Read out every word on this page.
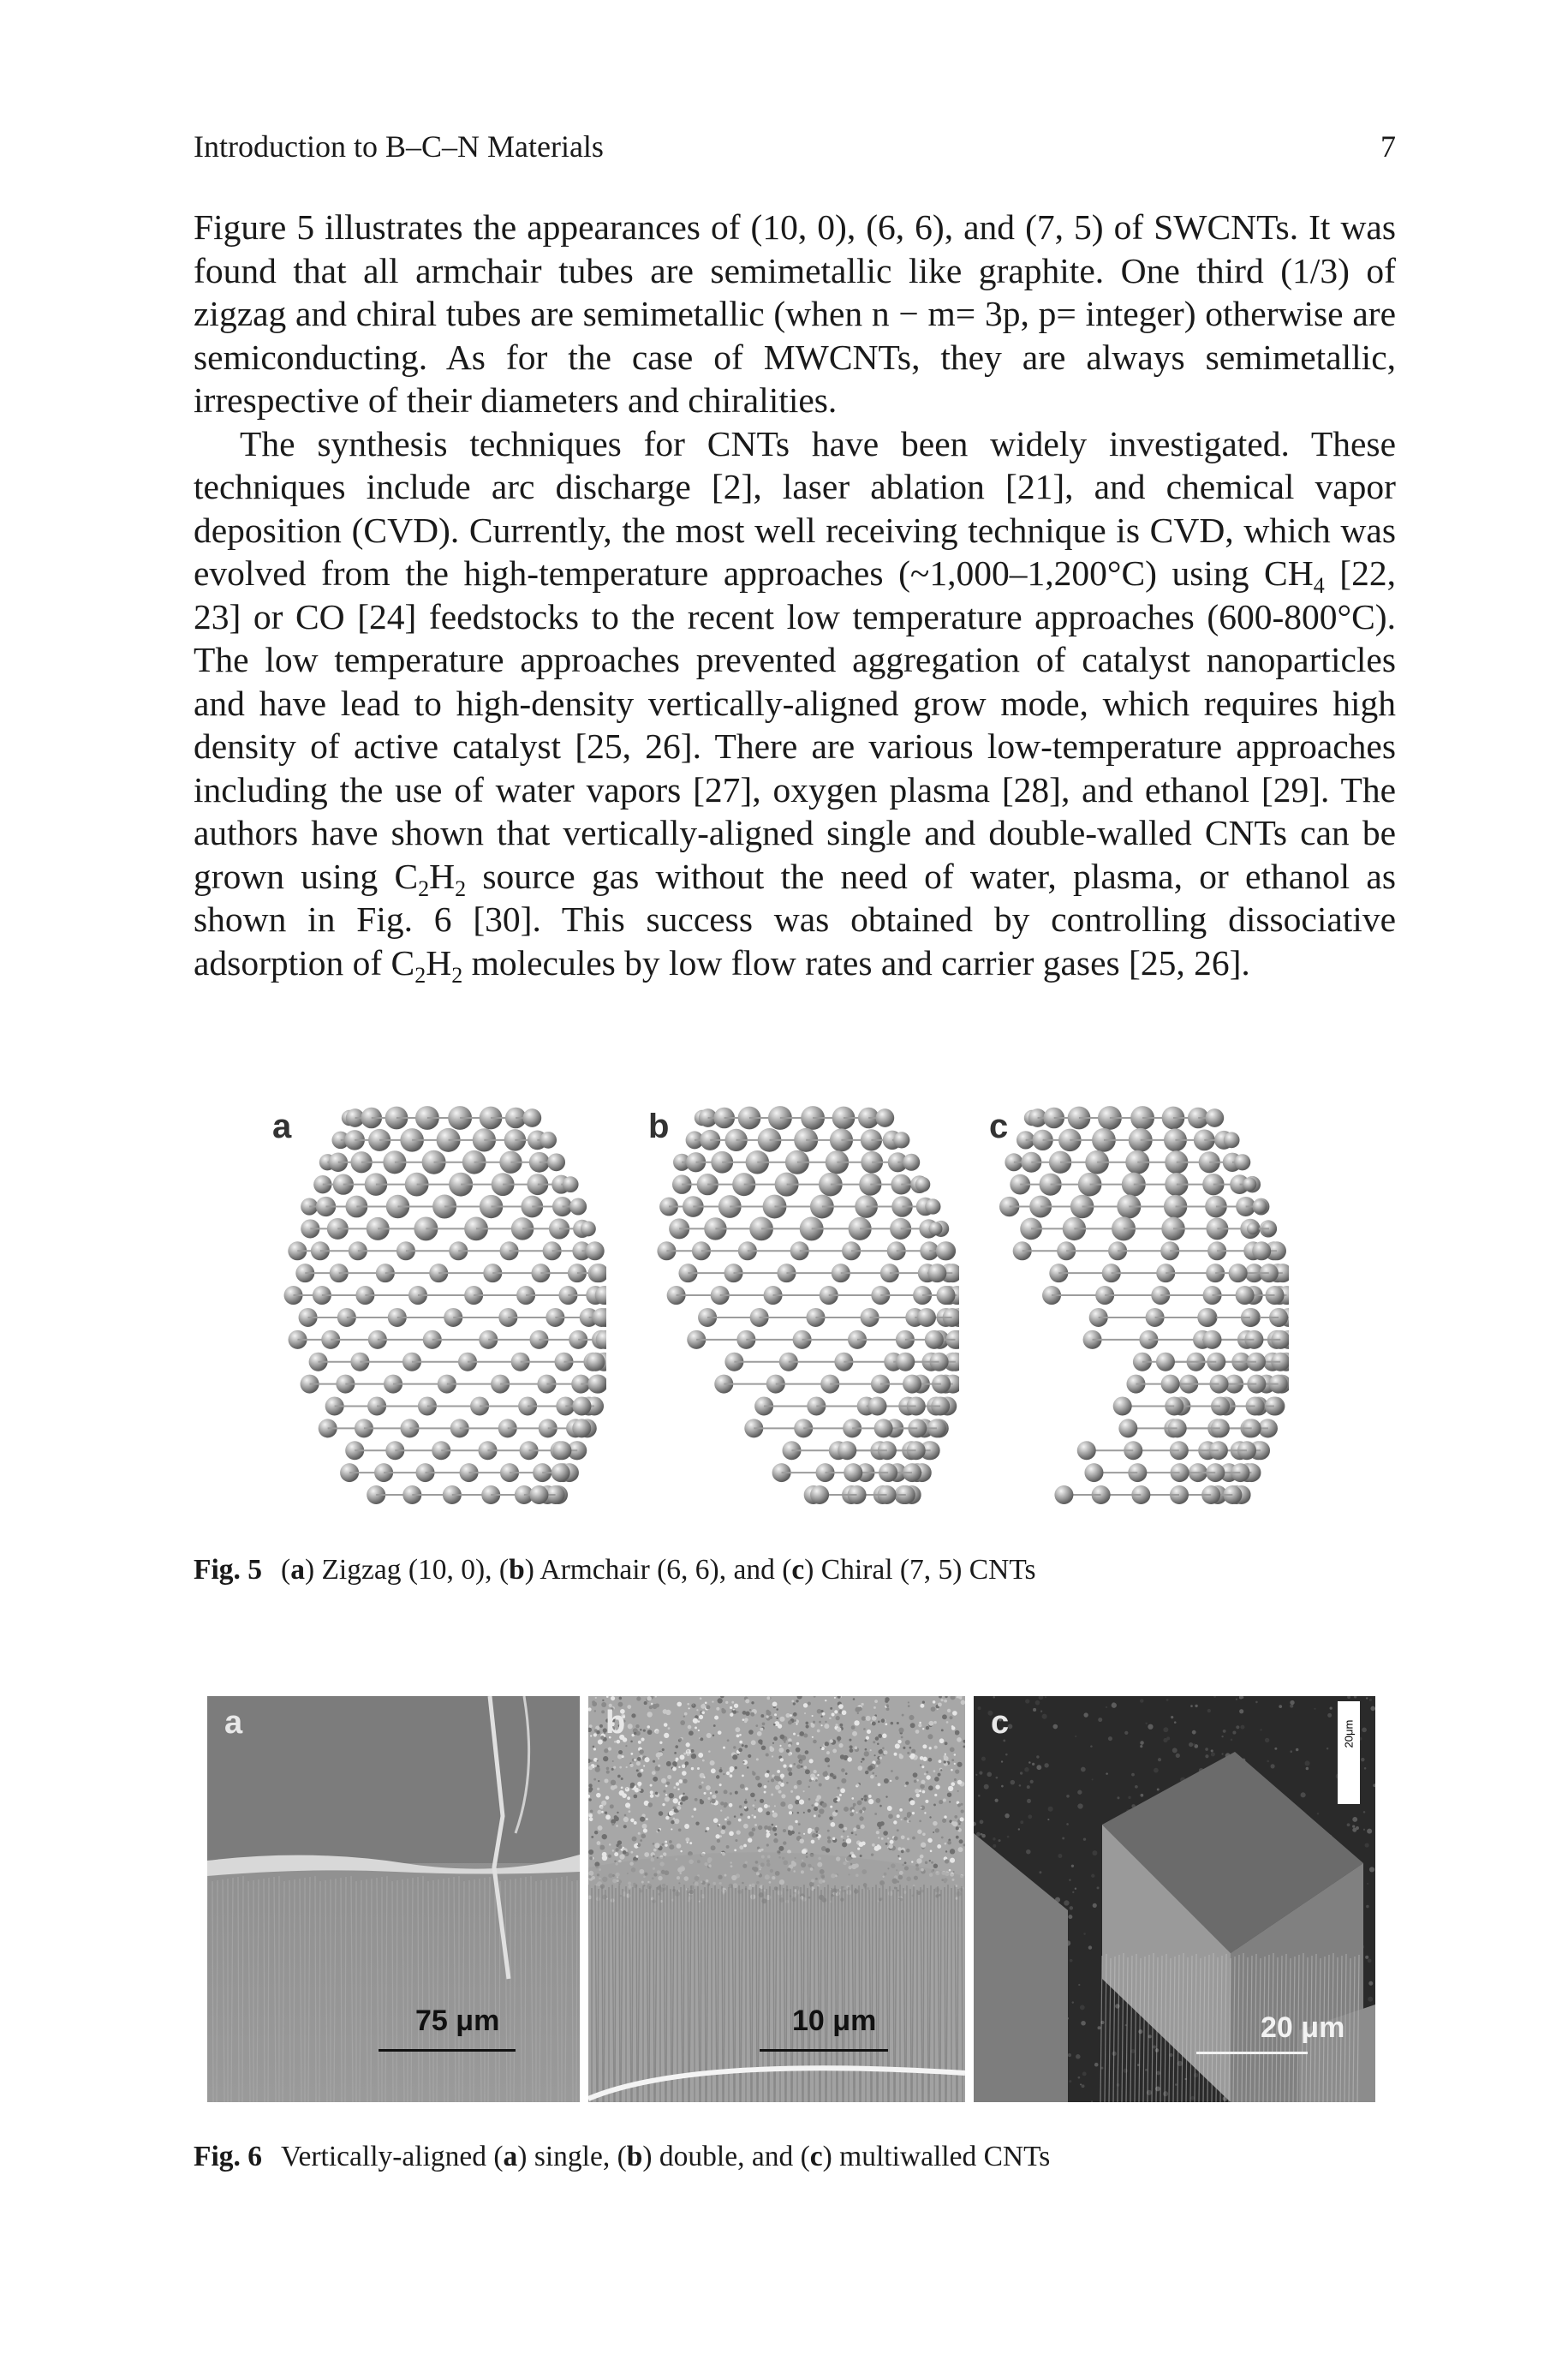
Introduction to B–C–N Materials	7

Figure 5 illustrates the appearances of (10, 0), (6, 6), and (7, 5) of SWCNTs. It was found that all armchair tubes are semimetallic like graphite. One third (1/3) of zigzag and chiral tubes are semimetallic (when n − m= 3p, p= integer) otherwise are semiconducting. As for the case of MWCNTs, they are always semimetallic, irrespective of their diameters and chiralities.

The synthesis techniques for CNTs have been widely investigated. These techniques include arc discharge [2], laser ablation [21], and chemical vapor deposition (CVD). Currently, the most well receiving technique is CVD, which was evolved from the high-temperature approaches (~1,000–1,200°C) using $CH_4$ [22, 23] or CO [24] feedstocks to the recent low temperature approaches (600-800°C). The low temperature approaches prevented aggregation of catalyst nanoparticles and have lead to high-density vertically-aligned grow mode, which requires high density of active catalyst [25, 26]. There are various low-temperature approaches including the use of water vapors [27], oxygen plasma [28], and ethanol [29]. The authors have shown that vertically-aligned single and double-walled CNTs can be grown using $C_2H_2$ source gas without the need of water, plasma, or ethanol as shown in Fig. 6 [30]. This success was obtained by controlling dissociative adsorption of $C_2H_2$ molecules by low flow rates and carrier gases [25, 26].

a	b	c
Fig. 5 (a) Zigzag (10, 0), (b) Armchair (6, 6), and (c) Chiral (7, 5) CNTs
a
75 μm
b
10 μm
c
20 μm
20μm
Fig. 6 Vertically-aligned (a) single, (b) double, and (c) multiwalled CNTs
